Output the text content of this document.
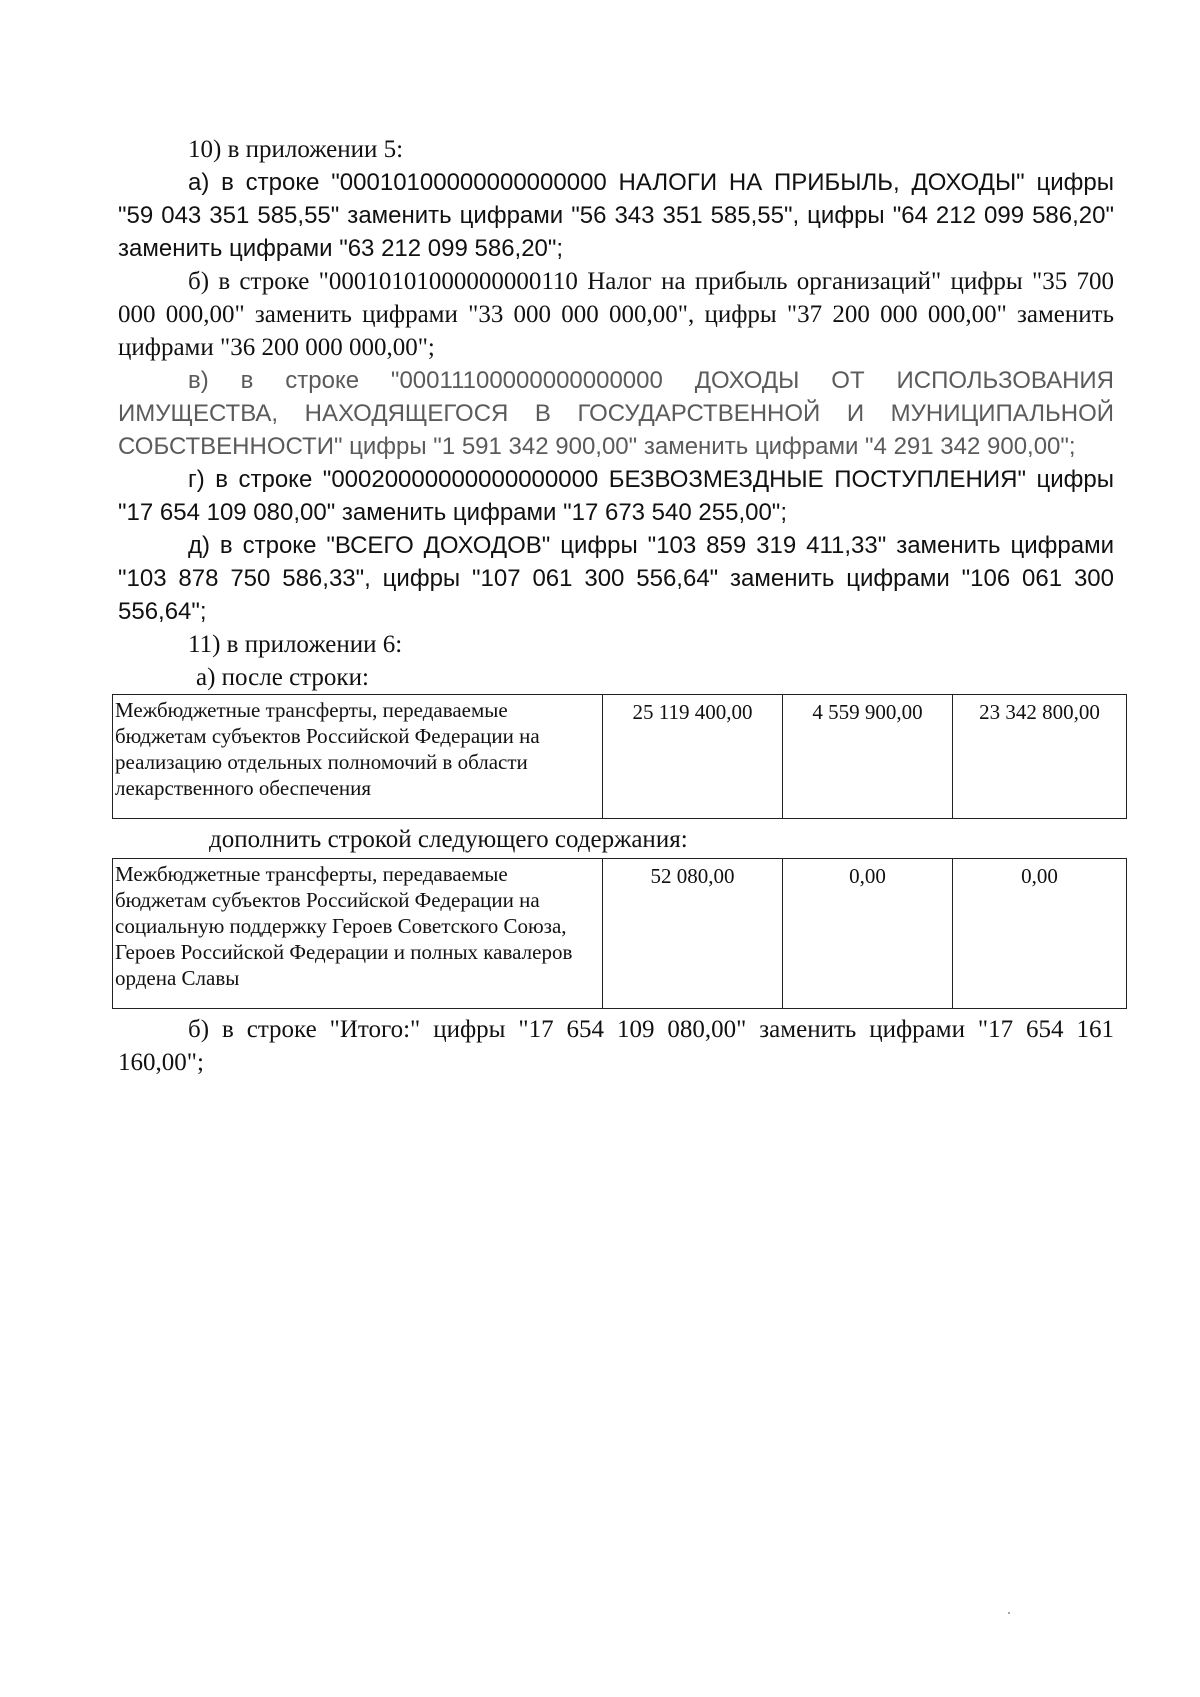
10) в приложении 5:
а) в строке "00010100000000000000 НАЛОГИ НА ПРИБЫЛЬ, ДОХОДЫ" цифры "59 043 351 585,55" заменить цифрами "56 343 351 585,55", цифры "64 212 099 586,20" заменить цифрами "63 212 099 586,20";
б) в строке "00010101000000000110 Налог на прибыль организаций" цифры "35 700 000 000,00" заменить цифрами "33 000 000 000,00", цифры "37 200 000 000,00" заменить цифрами "36 200 000 000,00";
в) в строке "00011100000000000000 ДОХОДЫ ОТ ИСПОЛЬЗОВАНИЯ ИМУЩЕСТВА, НАХОДЯЩЕГОСЯ В ГОСУДАРСТВЕННОЙ И МУНИЦИПАЛЬНОЙ СОБСТВЕННОСТИ" цифры "1 591 342 900,00" заменить цифрами "4 291 342 900,00";
г) в строке "00020000000000000000 БЕЗВОЗМЕЗДНЫЕ ПОСТУПЛЕНИЯ" цифры "17 654 109 080,00" заменить цифрами "17 673 540 255,00";
д) в строке "ВСЕГО ДОХОДОВ" цифры "103 859 319 411,33" заменить цифрами "103 878 750 586,33", цифры "107 061 300 556,64" заменить цифрами "106 061 300 556,64";
11) в приложении 6:
а) после строки:
Межбюджетные трансферты, передаваемые бюджетам субъектов Российской Федерации на реализацию отдельных полномочий в области лекарственного обеспечения	25 119 400,00	4 559 900,00	23 342 800,00
дополнить строкой следующего содержания:
Межбюджетные трансферты, передаваемые бюджетам субъектов Российской Федерации на социальную поддержку Героев Советского Союза, Героев Российской Федерации и полных кавалеров ордена Славы	52 080,00	0,00	0,00
б) в строке "Итого:" цифры "17 654 109 080,00" заменить цифрами "17 654 161 160,00";
